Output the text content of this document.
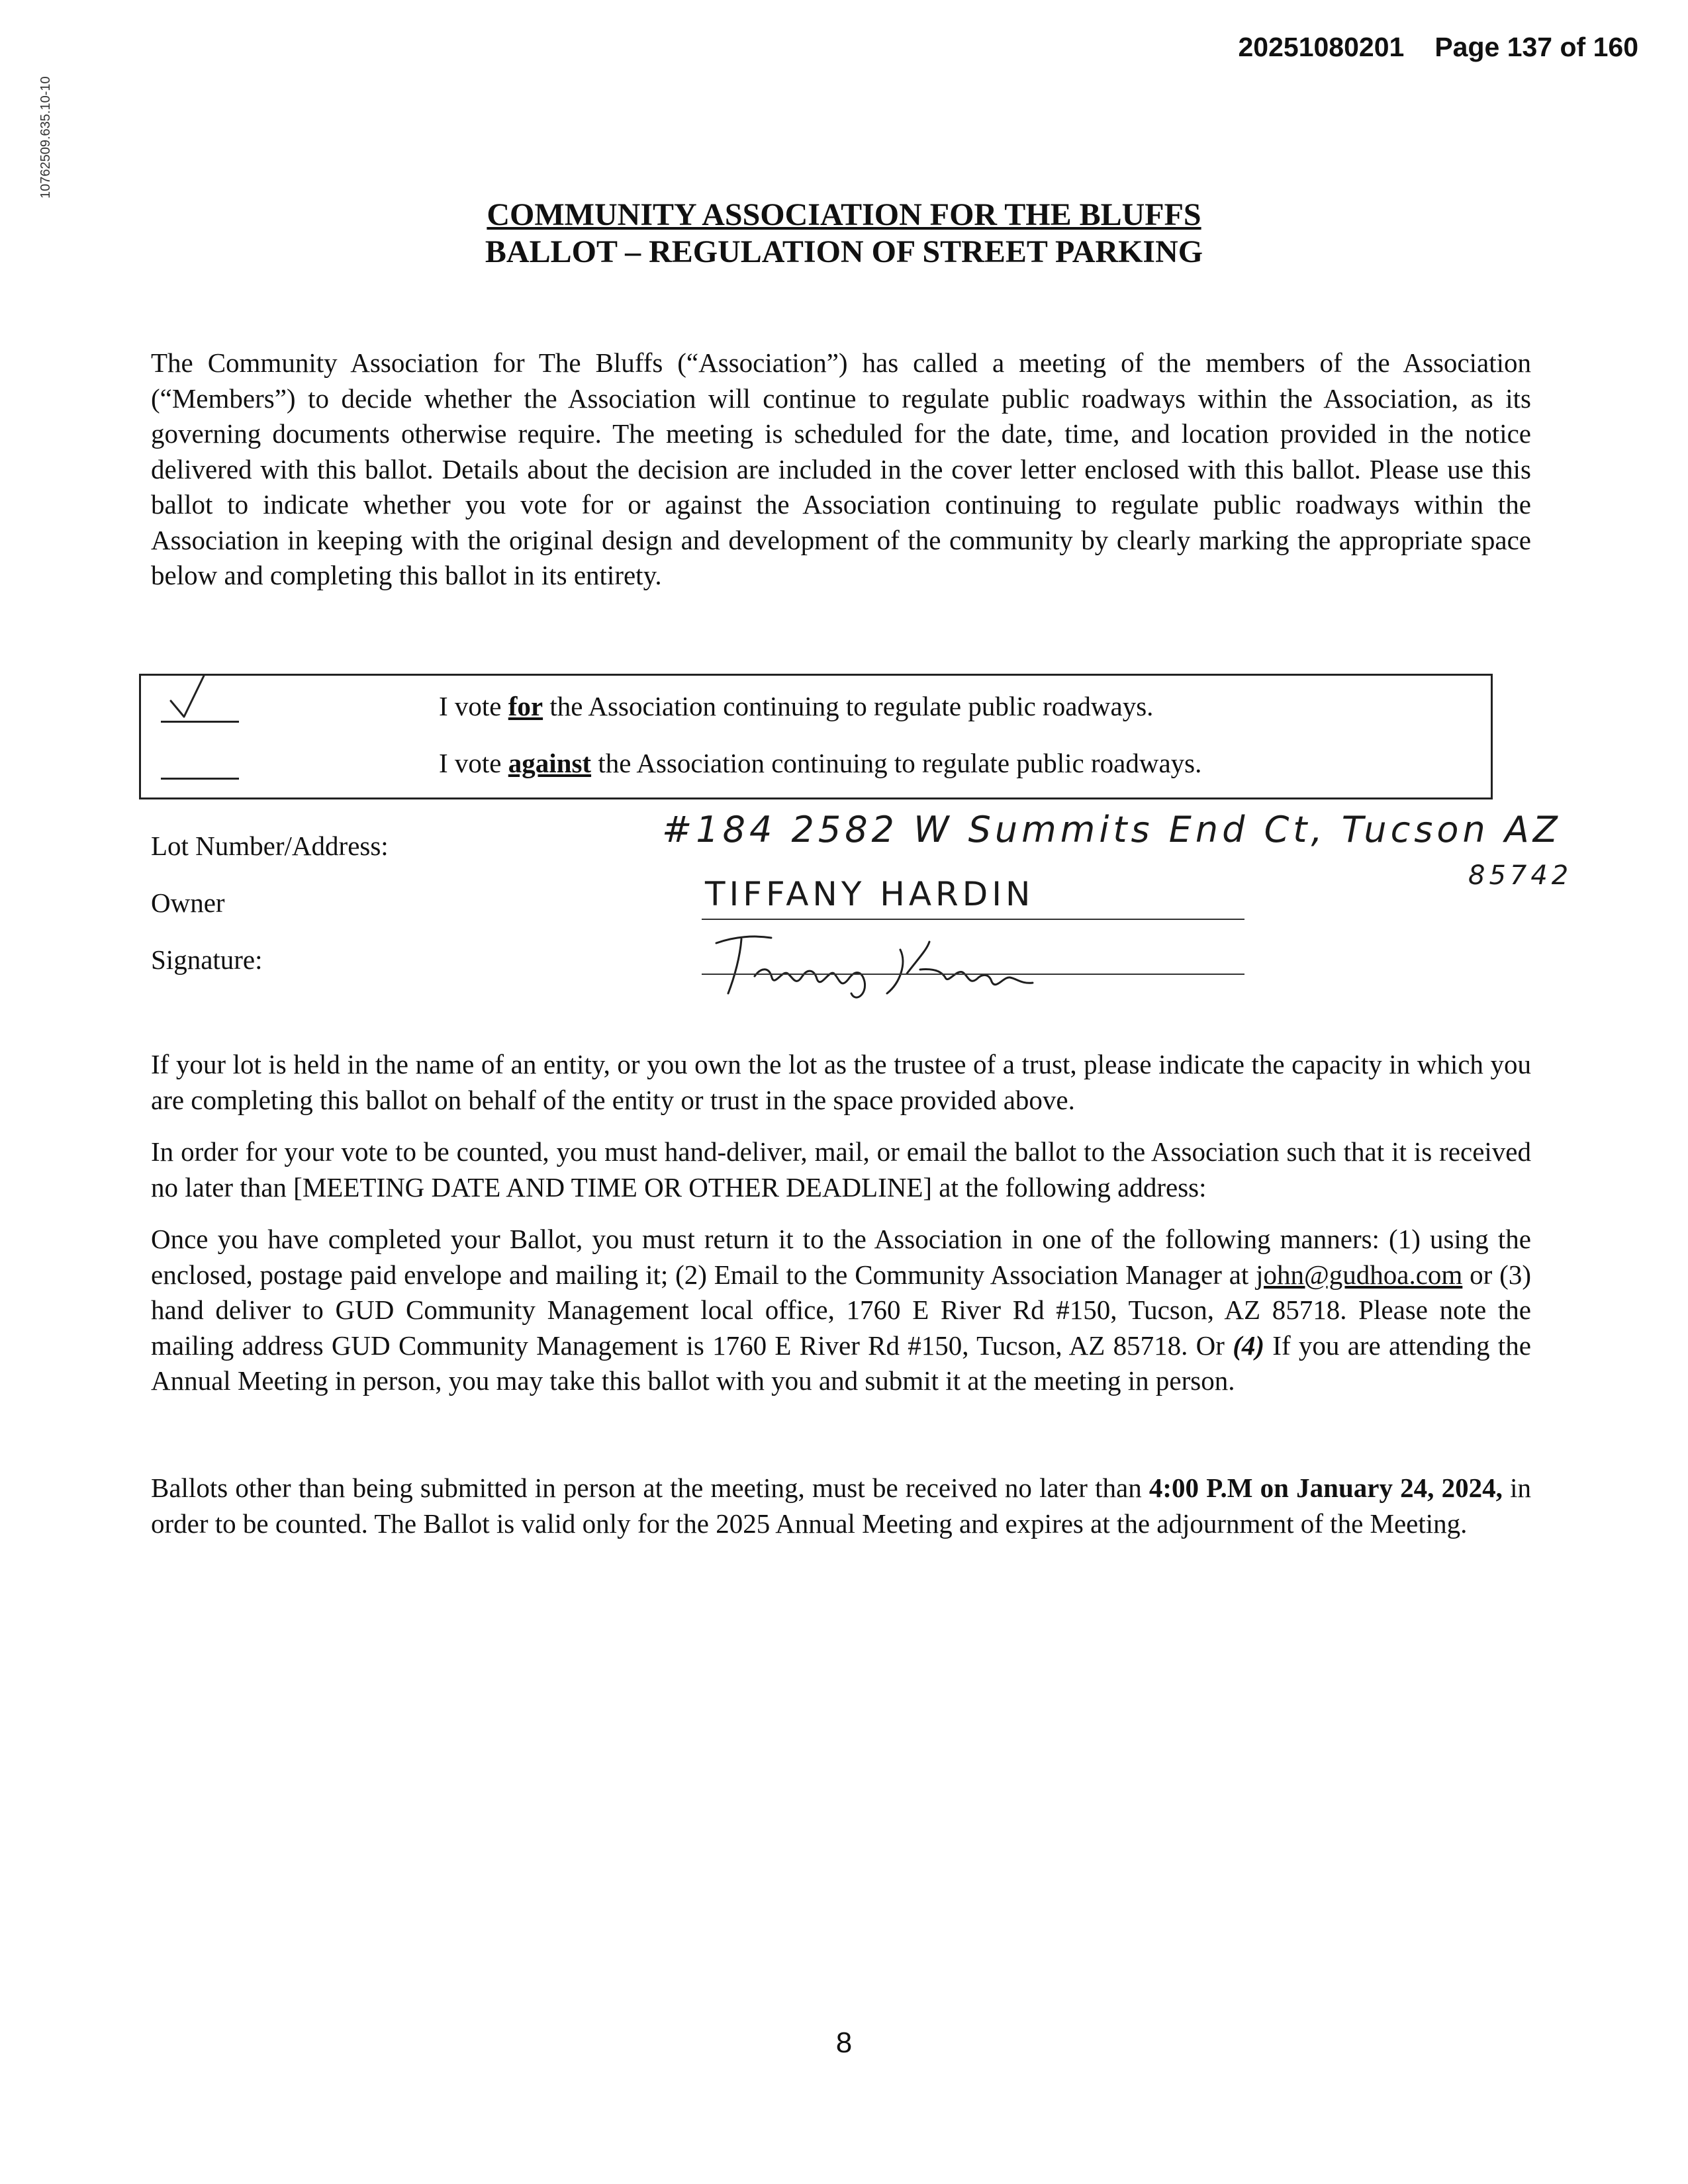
10762509.635.10-10
20251080201 Page 137 of 160
COMMUNITY ASSOCIATION FOR THE BLUFFS
BALLOT – REGULATION OF STREET PARKING

The Community Association for The Bluffs (“Association”) has called a meeting of the members of the Association (“Members”) to decide whether the Association will continue to regulate public roadways within the Association, as its governing documents otherwise require. The meeting is scheduled for the date, time, and location provided in the notice delivered with this ballot. Details about the decision are included in the cover letter enclosed with this ballot. Please use this ballot to indicate whether you vote for or against the Association continuing to regulate public roadways within the Association in keeping with the original design and development of the community by clearly marking the appropriate space below and completing this ballot in its entirety.

I vote for the Association continuing to regulate public roadways.
I vote against the Association continuing to regulate public roadways.
Lot Number/Address:	#184 2582 W Summits End Ct, Tucson AZ
85742
Owner	TIFFANY HARDIN
Signature:

If your lot is held in the name of an entity, or you own the lot as the trustee of a trust, please indicate the capacity in which you are completing this ballot on behalf of the entity or trust in the space provided above.

In order for your vote to be counted, you must hand-deliver, mail, or email the ballot to the Association such that it is received no later than [MEETING DATE AND TIME OR OTHER DEADLINE] at the following address:

Once you have completed your Ballot, you must return it to the Association in one of the following manners: (1) using the enclosed, postage paid envelope and mailing it; (2) Email to the Community Association Manager at john@gudhoa.com or (3) hand deliver to GUD Community Management local office, 1760 E River Rd #150, Tucson, AZ 85718. Please note the mailing address GUD Community Management is 1760 E River Rd #150, Tucson, AZ 85718. Or (4) If you are attending the Annual Meeting in person, you may take this ballot with you and submit it at the meeting in person.

Ballots other than being submitted in person at the meeting, must be received no later than 4:00 P.M on January 24, 2024, in order to be counted. The Ballot is valid only for the 2025 Annual Meeting and expires at the adjournment of the Meeting.

8
